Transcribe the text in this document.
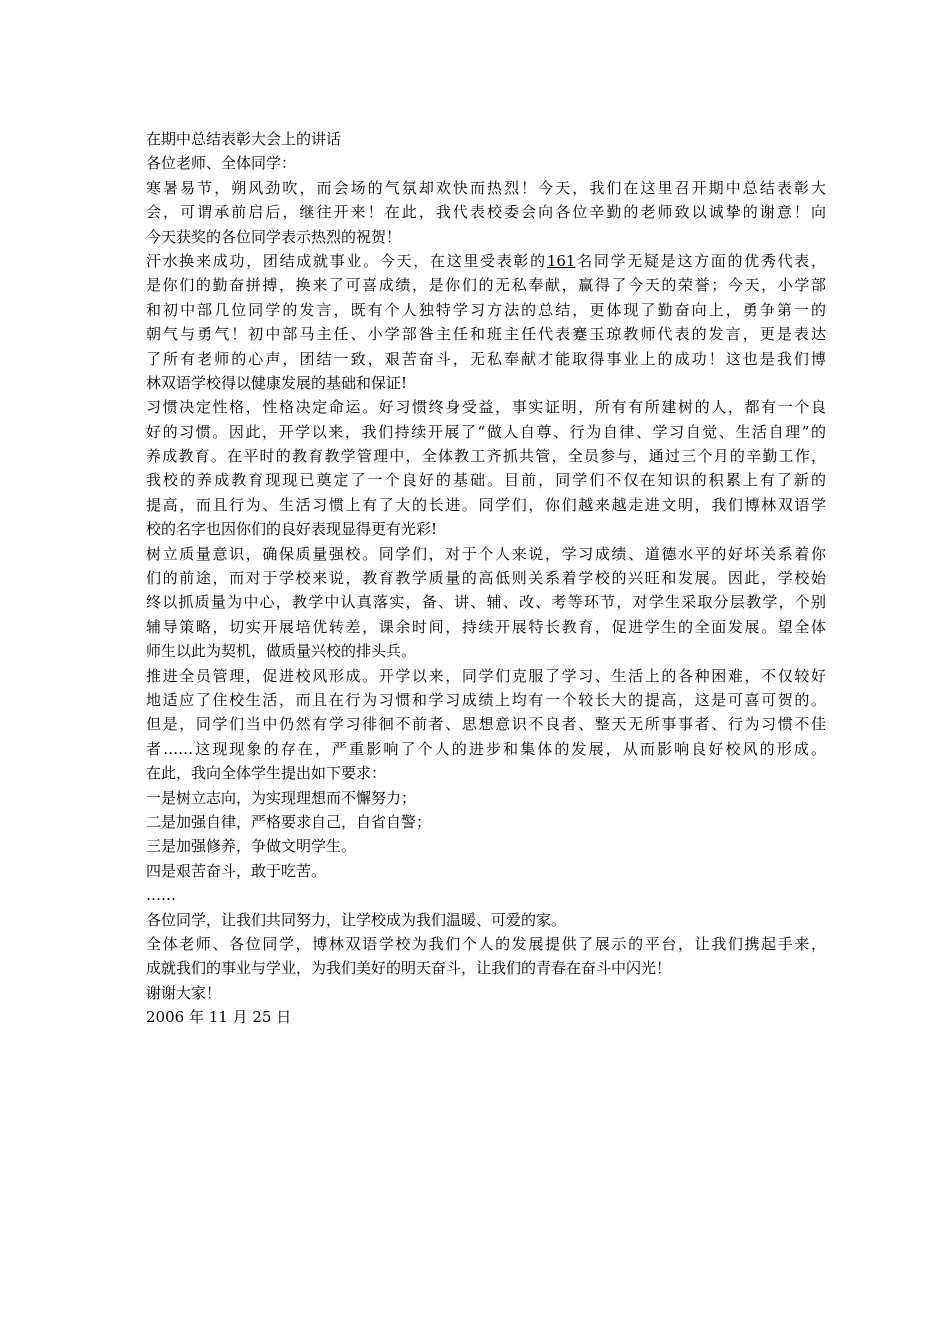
在期中总结表彰大会上的讲话
各位老师、全体同学：
寒暑易节，朔风劲吹，而会场的气氛却欢快而热烈！今天，我们在这里召开期中总结表彰大
会，可谓承前启后，继往开来！在此，我代表校委会向各位辛勤的老师致以诚挚的谢意！向
今天获奖的各位同学表示热烈的祝贺！
汗水换来成功，团结成就事业。今天，在这里受表彰的161名同学无疑是这方面的优秀代表，
是你们的勤奋拼搏，换来了可喜成绩，是你们的无私奉献，赢得了今天的荣誉；今天，小学部
和初中部几位同学的发言，既有个人独特学习方法的总结，更体现了勤奋向上，勇争第一的
朝气与勇气！初中部马主任、小学部昝主任和班主任代表蹇玉琼教师代表的发言，更是表达
了所有老师的心声，团结一致，艰苦奋斗，无私奉献才能取得事业上的成功！这也是我们博
林双语学校得以健康发展的基础和保证!
习惯决定性格，性格决定命运。好习惯终身受益，事实证明，所有有所建树的人，都有一个良
好的习惯。因此，开学以来，我们持续开展了“做人自尊、行为自律、学习自觉、生活自理”的
养成教育。在平时的教育教学管理中，全体教工齐抓共管，全员参与，通过三个月的辛勤工作，
我校的养成教育现现已奠定了一个良好的基础。目前，同学们不仅在知识的积累上有了新的
提高，而且行为、生活习惯上有了大的长进。同学们，你们越来越走进文明，我们博林双语学
校的名字也因你们的良好表现显得更有光彩!
树立质量意识，确保质量强校。同学们，对于个人来说，学习成绩、道德水平的好坏关系着你
们的前途，而对于学校来说，教育教学质量的高低则关系着学校的兴旺和发展。因此，学校始
终以抓质量为中心，教学中认真落实，备、讲、辅、改、考等环节，对学生采取分层教学，个别
辅导策略，切实开展培优转差，课余时间，持续开展特长教育，促进学生的全面发展。望全体
师生以此为契机，做质量兴校的排头兵。
推进全员管理，促进校风形成。开学以来，同学们克服了学习、生活上的各种困难，不仅较好
地适应了住校生活，而且在行为习惯和学习成绩上均有一个较长大的提高，这是可喜可贺的。
但是，同学们当中仍然有学习徘徊不前者、思想意识不良者、整天无所事事者、行为习惯不佳
者……这现现象的存在，严重影响了个人的进步和集体的发展，从而影响良好校风的形成。
在此，我向全体学生提出如下要求：
一是树立志向，为实现理想而不懈努力；
二是加强自律，严格要求自己，自省自警；
三是加强修养，争做文明学生。
四是艰苦奋斗，敢于吃苦。
……
各位同学，让我们共同努力，让学校成为我们温暖、可爱的家。
全体老师、各位同学，博林双语学校为我们个人的发展提供了展示的平台，让我们携起手来，
成就我们的事业与学业，为我们美好的明天奋斗，让我们的青春在奋斗中闪光！
谢谢大家！
2006 年 11 月 25 日
